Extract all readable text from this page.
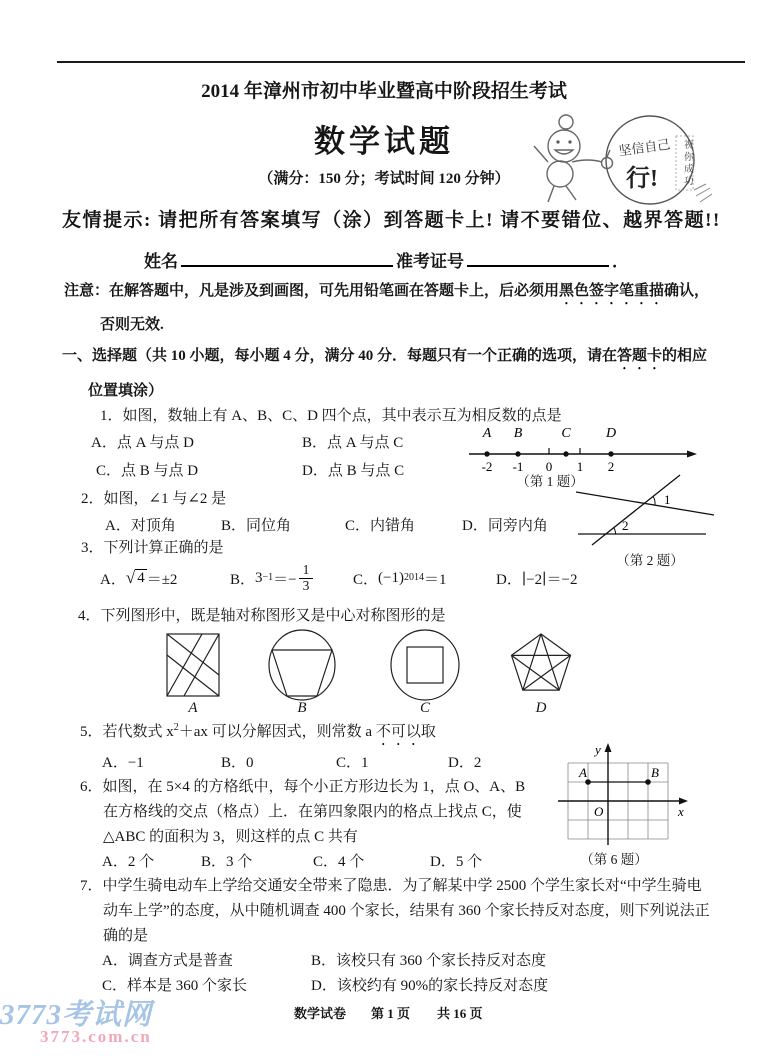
2014 年漳州市初中毕业暨高中阶段招生考试
数学试题
（满分：150 分；考试时间 120 分钟）
坚信自己
行!
祝
你
成
功
友情提示: 请把所有答案填写（涂）到答题卡上! 请不要错位、越界答题!!
姓名	准考证号	．
注意：在解答题中，凡是涉及到画图，可先用铅笔画在答题卡上，后必须用黑色签字笔重描确认，
否则无效.
一、选择题（共 10 小题，每小题 4 分，满分 40 分．每题只有一个正确的选项，请在答题卡的相应
位置填涂）
1．如图，数轴上有 A、B、C、D 四个点，其中表示互为相反数的点是
A．点 A 与点 D	B．点 A 与点 C
C．点 B 与点 D	D．点 B 与点 C
A B	C	D
-2 -1 0 1 2
（第 1 题）
2．如图，∠1 与∠2 是
A．对顶角	B．同位角	C．内错角	D．同旁内角
1
2
（第 2 题）
3．下列计算正确的是
A． √ 4 ＝±2	B． $3 -1 =- \frac{1}{3}$	C． (−1) 2014 ＝1	D． ∣−2∣＝−2
4．下列图形中，既是轴对称图形又是中心对称图形的是
A	B	C	D
5．若代数式 $x^2+ax$ 可以分解因式，则常数 a 不可以取
A．−1	B．0	C．1	D．2
6．如图，在 5×4 的方格纸中，每个小正方形边长为 1，点 O、A、B
在方格线的交点（格点）上．在第四象限内的格点上找点 C，使
△ABC 的面积为 3，则这样的点 C 共有
A．2 个	B．3 个	C．4 个	D．5 个
A	B
O
y
x
（第 6 题）
7．中学生骑电动车上学给交通安全带来了隐患．为了解某中学 2500 个学生家长对“中学生骑电
动车上学”的态度，从中随机调查 400 个家长，结果有 360 个家长持反对态度，则下列说法正
确的是
A．调查方式是普查	B．该校只有 360 个家长持反对态度
C．样本是 360 个家长	D．该校约有 90%的家长持反对态度
3773考试网
3773.com.cn
数学试卷 第 1 页 共 16 页
